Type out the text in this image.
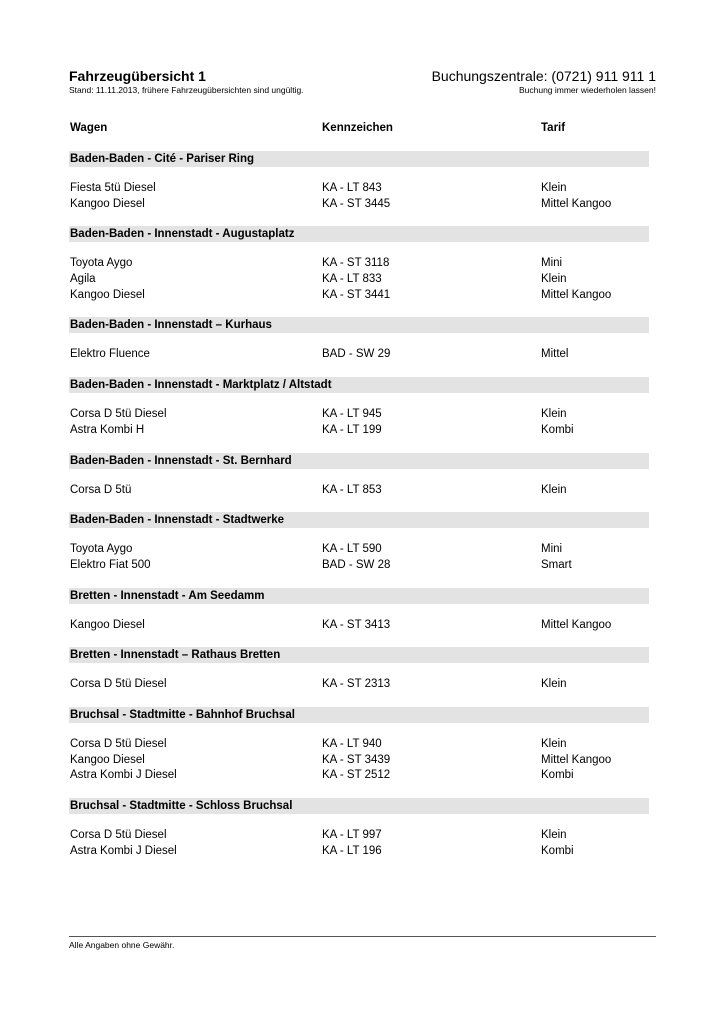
Fahrzeugübersicht 1
Stand: 11.11.2013, frühere Fahrzeugübersichten sind ungültig.
Buchungszentrale: (0721) 911 911 1
Buchung immer wiederholen lassen!
Wagen	Kennzeichen	Tarif
Baden-Baden - Cité - Pariser Ring
Fiesta 5tü Diesel	KA - LT 843	Klein
Kangoo Diesel	KA - ST 3445	Mittel Kangoo
Baden-Baden - Innenstadt - Augustaplatz
Toyota Aygo	KA - ST 3118	Mini
Agila	KA - LT 833	Klein
Kangoo Diesel	KA - ST 3441	Mittel Kangoo
Baden-Baden - Innenstadt – Kurhaus
Elektro Fluence	BAD - SW 29	Mittel
Baden-Baden - Innenstadt - Marktplatz / Altstadt
Corsa D 5tü Diesel	KA - LT 945	Klein
Astra Kombi H	KA - LT 199	Kombi
Baden-Baden - Innenstadt - St. Bernhard
Corsa D 5tü	KA - LT 853	Klein
Baden-Baden - Innenstadt - Stadtwerke
Toyota Aygo	KA - LT 590	Mini
Elektro Fiat 500	BAD - SW 28	Smart
Bretten - Innenstadt - Am Seedamm
Kangoo Diesel	KA - ST 3413	Mittel Kangoo
Bretten - Innenstadt – Rathaus Bretten
Corsa D 5tü Diesel	KA - ST 2313	Klein
Bruchsal - Stadtmitte - Bahnhof Bruchsal
Corsa D 5tü Diesel	KA - LT 940	Klein
Kangoo Diesel	KA - ST 3439	Mittel Kangoo
Astra Kombi J Diesel	KA - ST 2512	Kombi
Bruchsal - Stadtmitte - Schloss Bruchsal
Corsa D 5tü Diesel	KA - LT 997	Klein
Astra Kombi J Diesel	KA - LT 196	Kombi
Alle Angaben ohne Gewähr.
